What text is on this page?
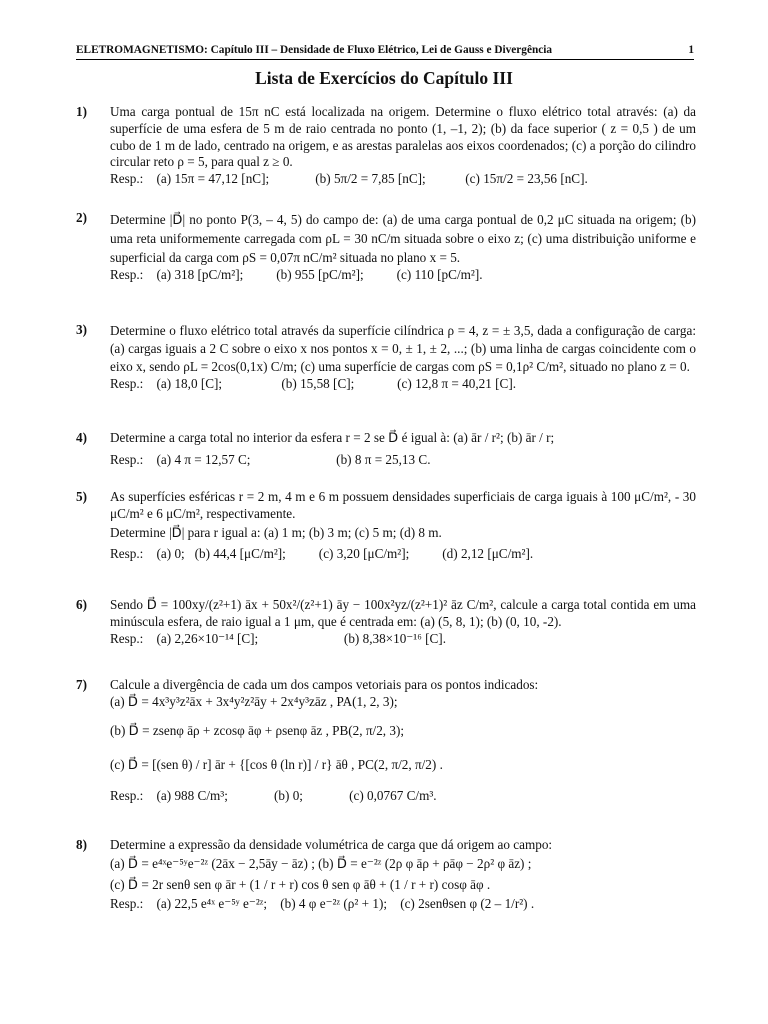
ELETROMAGNETISMO: Capítulo III – Densidade de Fluxo Elétrico, Lei de Gauss e Divergência	1
Lista de Exercícios do Capítulo III
1)	Uma carga pontual de 15π nC está localizada na origem. Determine o fluxo elétrico total através: (a) da superfície de uma esfera de 5 m de raio centrada no ponto (1, –1, 2); (b) da face superior ( z = 0,5 ) de um cubo de 1 m de lado, centrado na origem, e as arestas paralelas aos eixos coordenados; (c) a porção do cilindro circular reto ρ = 5, para qual z ≥ 0.

Resp.:    (a) 15π = 47,12 [nC];              (b) 5π/2 = 7,85 [nC];            (c) 15π/2 = 23,56 [nC].

2)	Determine |D⃗| no ponto P(3, – 4, 5) do campo de: (a) de uma carga pontual de 0,2 μC situada na origem; (b) uma reta uniformemente carregada com ρL = 30 nC/m situada sobre o eixo z; (c) uma distribuição uniforme e superficial da carga com ρS = 0,07π nC/m² situada no plano x = 5.

Resp.:    (a) 318 [pC/m²];          (b) 955 [pC/m²];          (c) 110 [pC/m²].

3)	Determine o fluxo elétrico total através da superfície cilíndrica ρ = 4, z = ± 3,5, dada a configuração de carga: (a) cargas iguais a 2 C sobre o eixo x nos pontos x = 0, ± 1, ± 2, ...; (b) uma linha de cargas coincidente com o eixo x, sendo ρL = 2cos(0,1x) C/m; (c) uma superfície de cargas com ρS = 0,1ρ² C/m², situado no plano z = 0.

Resp.:    (a) 18,0 [C];                  (b) 15,58 [C];             (c) 12,8 π = 40,21 [C].

4)	Determine a carga total no interior da esfera r = 2 se D⃗ é igual à: (a) ār / r²; (b) ār / r;

Resp.:    (a) 4 π = 12,57 C;                          (b) 8 π = 25,13 C.

5)	As superfícies esféricas r = 2 m, 4 m e 6 m possuem densidades superficiais de carga iguais à 100 μC/m², - 30 μC/m² e 6 μC/m², respectivamente.

Determine |D⃗| para r igual a: (a) 1 m; (b) 3 m; (c) 5 m; (d) 8 m.

Resp.:    (a) 0;   (b) 44,4 [μC/m²];          (c) 3,20 [μC/m²];          (d) 2,12 [μC/m²].

6)	Sendo D⃗ = 100xy/(z²+1) āx + 50x²/(z²+1) āy − 100x²yz/(z²+1)² āz C/m², calcule a carga total contida em uma minúscula esfera, de raio igual a 1 μm, que é centrada em: (a) (5, 8, 1); (b) (0, 10, -2).

Resp.:    (a) 2,26×10⁻¹⁴ [C];                          (b) 8,38×10⁻¹⁶ [C].

7)	Calcule a divergência de cada um dos campos vetoriais para os pontos indicados:

(a) D⃗ = 4x³y³z²āx + 3x⁴y²z²āy + 2x⁴y³zāz , PA(1, 2, 3);

(b) D⃗ = zsenφ āρ + zcosφ āφ + ρsenφ āz , PB(2, π/2, 3);

(c) D⃗ = [(sen θ) / r] ār + {[cos θ (ln r)] / r} āθ , PC(2, π/2, π/2) .

Resp.:    (a) 988 C/m³;              (b) 0;              (c) 0,0767 C/m³.

8)	Determine a expressão da densidade volumétrica de carga que dá origem ao campo:

(a) D⃗ = e⁴ˣe⁻⁵ʸe⁻²ᶻ (2āx − 2,5āy − āz) ; (b) D⃗ = e⁻²ᶻ (2ρ φ āρ + ρāφ − 2ρ² φ āz) ;

(c) D⃗ = 2r senθ sen φ ār + (1 / r + r) cos θ sen φ āθ + (1 / r + r) cosφ āφ .

Resp.:    (a) 22,5 e⁴ˣ e⁻⁵ʸ e⁻²ᶻ;    (b) 4 φ e⁻²ᶻ (ρ² + 1);    (c) 2senθsen φ (2 – 1/r²) .
